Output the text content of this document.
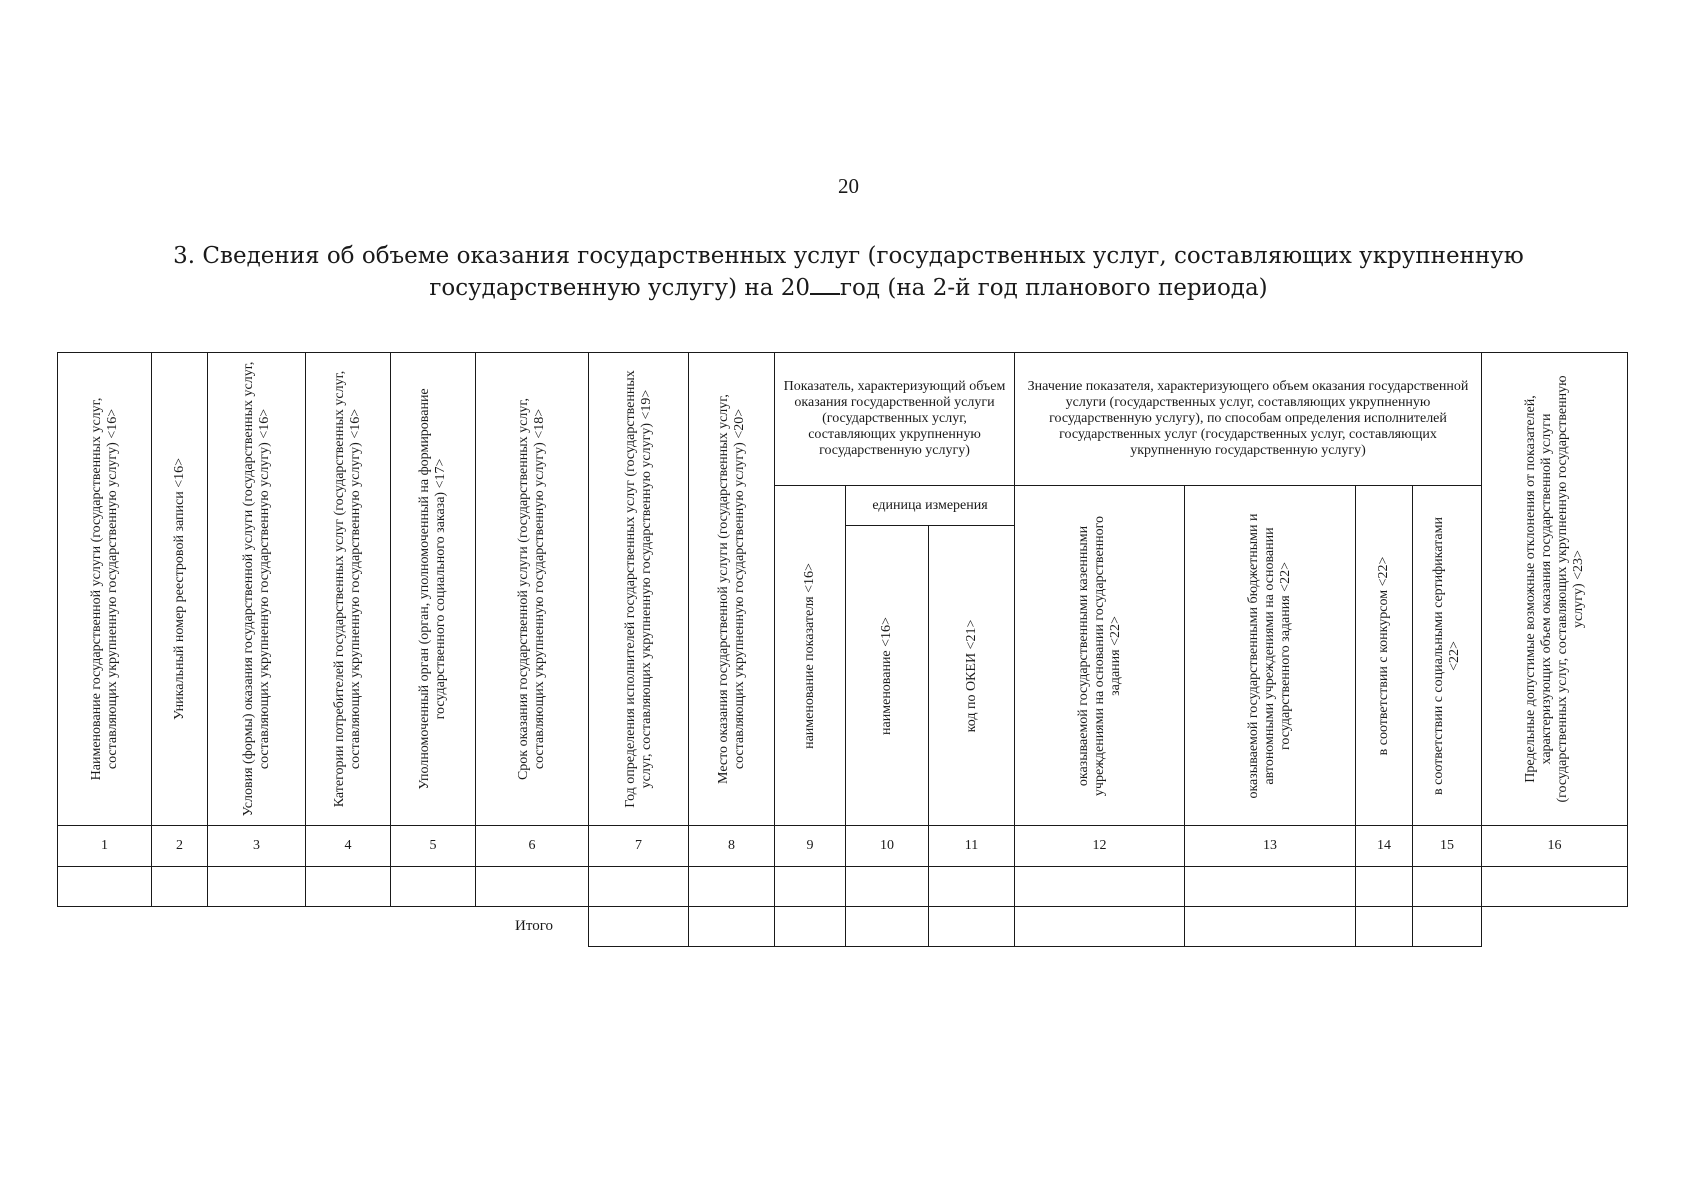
20
3. Сведения об объеме оказания государственных услуг (государственных услуг, составляющих укрупненную
государственную услугу) на 20 год (на 2-й год планового периода)
Наименование государственной услуги (государственных услуг, составляющих укрупненную государственную услугу) <16>	Уникальный номер реестровой записи <16>	Условия (формы) оказания государственной услуги (государственных услуг, составляющих укрупненную государственную услугу) <16>	Категории потребителей государственных услуг (государственных услуг, составляющих укрупненную государственную услугу) <16>	Уполномоченный орган (орган, уполномоченный на формирование государственного социального заказа) <17>	Срок оказания государственной услуги (государственных услуг, составляющих укрупненную государственную услугу) <18>	Год определения исполнителей государственных услуг (государственных услуг, составляющих укрупненную государственную услугу) <19>	Место оказания государственной услуги (государственных услуг, составляющих укрупненную государственную услугу) <20>	Показатель, характеризующий объем оказания государственной услуги (государственных услуг, составляющих укрупненную государственную услугу)			Значение показателя, характеризующего объем оказания государственной услуги (государственных услуг, составляющих укрупненную государственную услугу), по способам определения исполнителей государственных услуг (государственных услуг, составляющих укрупненную государственную услугу)				Предельные допустимые возможные отклонения от показателей, характеризующих объем оказания государственной услуги (государственных услуг, составляющих укрупненную государственную услугу) <23>

								наименование показателя <16>	единица измерения		оказываемой государственными казенными учреждениями на основании государственного задания <22>	оказываемой государственными бюджетными и автономными учреждениями на основании государственного задания <22>	в соответствии с конкурсом <22>	в соответствии с социальными сертификатами <22>	

									наименование <16>	код по ОКЕИ <21>					

1	2	3	4	5	6	7	8	9	10	11	12	13	14	15	16

Итого															
